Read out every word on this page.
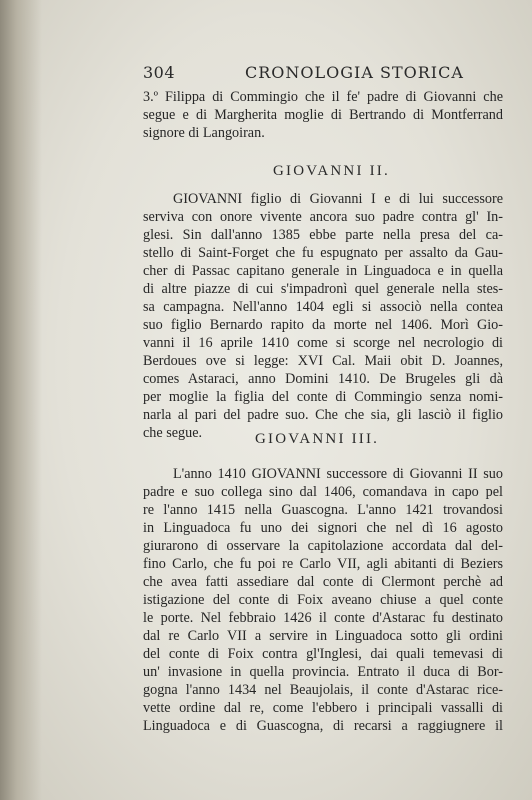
304	CRONOLOGIA STORICA
3.º Filippa di Commingio che il fe' padre di Giovanni che
segue e di Margherita moglie di Bertrando di Montferrand
signore di Langoiran.
GIOVANNI II.
GIOVANNI figlio di Giovanni I e di lui successore
serviva con onore vivente ancora suo padre contra gl' In-
glesi. Sin dall'anno 1385 ebbe parte nella presa del ca-
stello di Saint-Forget che fu espugnato per assalto da Gau-
cher di Passac capitano generale in Linguadoca e in quella
di altre piazze di cui s'impadronì quel generale nella stes-
sa campagna. Nell'anno 1404 egli si associò nella contea
suo figlio Bernardo rapito da morte nel 1406. Morì Gio-
vanni il 16 aprile 1410 come si scorge nel necrologio di
Berdoues ove si legge: XVI Cal. Maii obit D. Joannes,
comes Astaraci, anno Domini 1410. De Brugeles gli dà
per moglie la figlia del conte di Commingio senza nomi-
narla al pari del padre suo. Che che sia, gli lasciò il figlio
che segue.	GIOVANNI III.
L'anno 1410 GIOVANNI successore di Giovanni II suo
padre e suo collega sino dal 1406, comandava in capo pel
re l'anno 1415 nella Guascogna. L'anno 1421 trovandosi
in Linguadoca fu uno dei signori che nel dì 16 agosto
giurarono di osservare la capitolazione accordata dal del-
fino Carlo, che fu poi re Carlo VII, agli abitanti di Beziers
che avea fatti assediare dal conte di Clermont perchè ad
istigazione del conte di Foix aveano chiuse a quel conte
le porte. Nel febbraio 1426 il conte d'Astarac fu destinato
dal re Carlo VII a servire in Linguadoca sotto gli ordini
del conte di Foix contra gl'Inglesi, dai quali temevasi di
un' invasione in quella provincia. Entrato il duca di Bor-
gogna l'anno 1434 nel Beaujolais, il conte d'Astarac rice-
vette ordine dal re, come l'ebbero i principali vassalli di
Linguadoca e di Guascogna, di recarsi a raggiugnere il
